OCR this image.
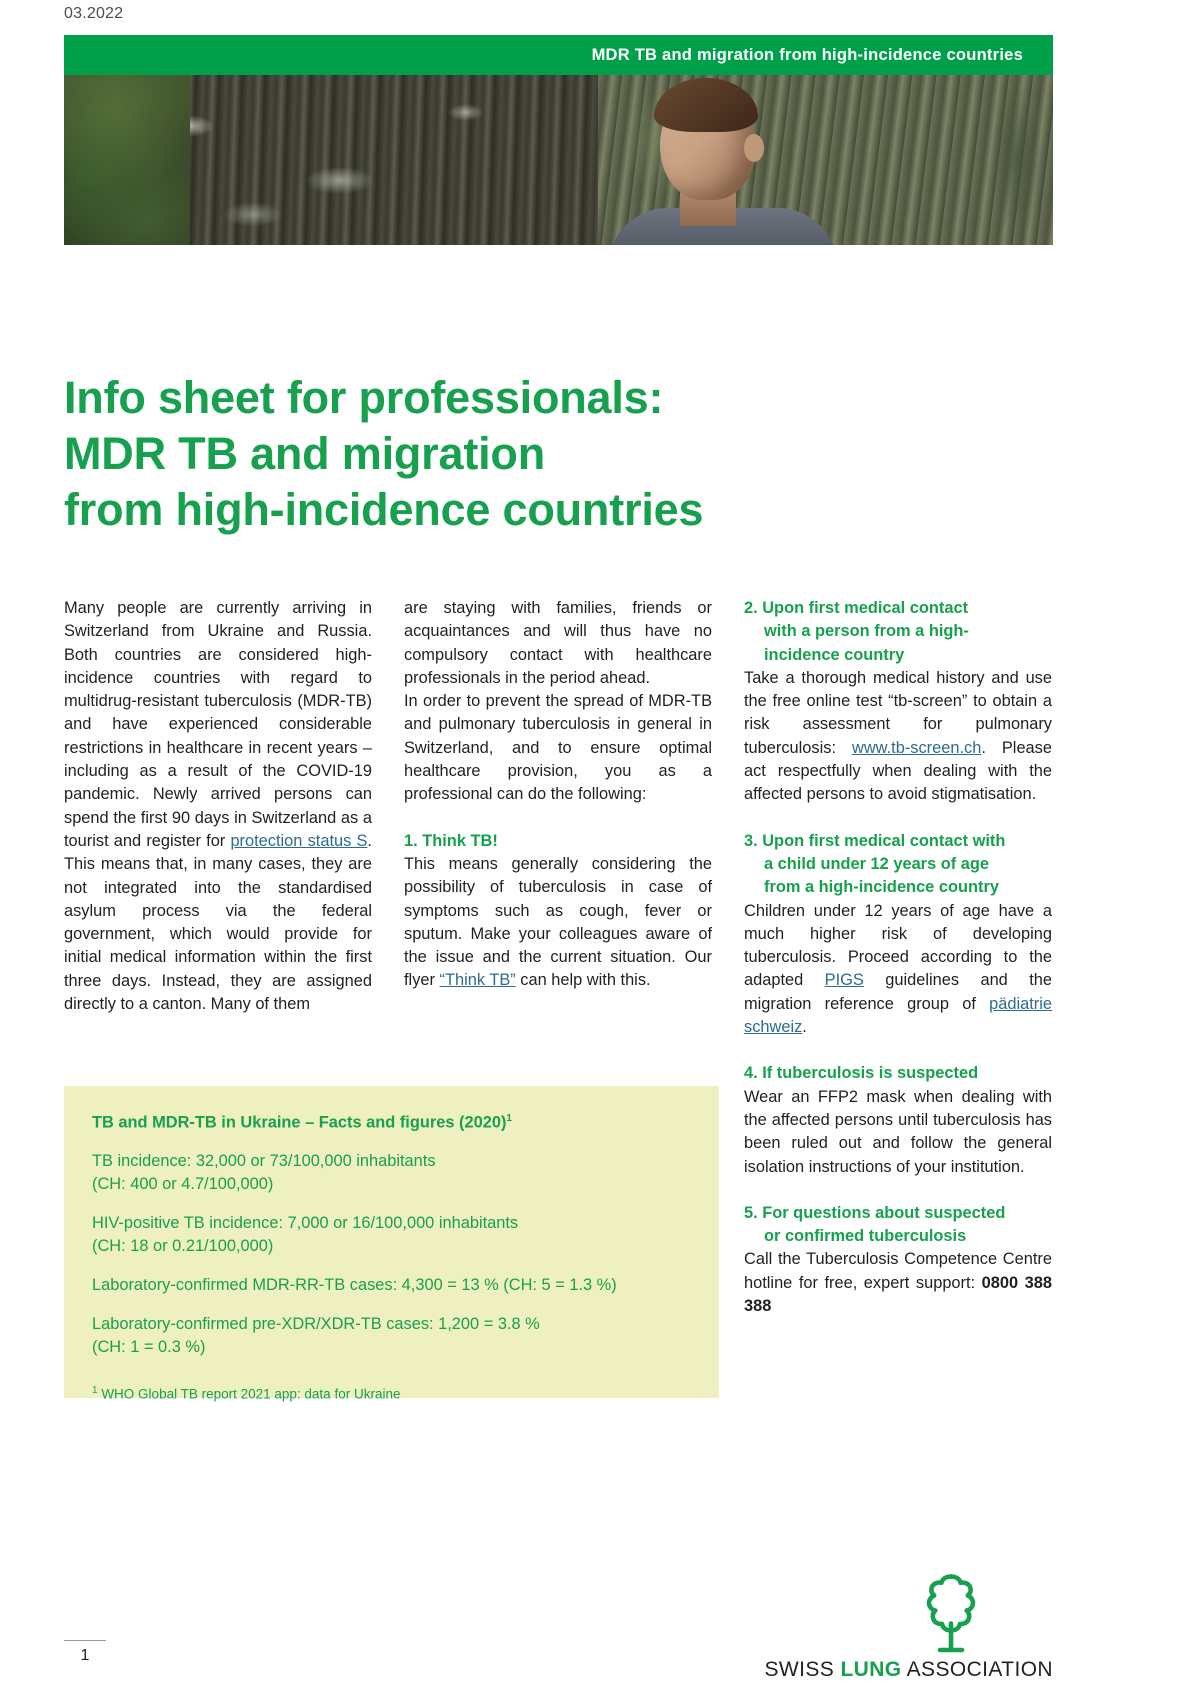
03.2022
MDR TB and migration from high-incidence countries
Info sheet for professionals:
MDR TB and migration
from high-incidence countries

Many people are currently arriving in Switzerland from Ukraine and Russia. Both countries are considered high-incidence countries with regard to multidrug-resistant tuberculosis (MDR-TB) and have experienced considerable restrictions in healthcare in recent years – including as a result of the COVID-19 pandemic. Newly arrived persons can spend the first 90 days in Switzerland as a tourist and register for protection status S. This means that, in many cases, they are not integrated into the standardised asylum process via the federal government, which would provide for initial medical information within the first three days. Instead, they are assigned directly to a canton. Many of them

are staying with families, friends or acquaintances and will thus have no compulsory contact with healthcare professionals in the period ahead.

In order to prevent the spread of MDR-TB and pulmonary tuberculosis in general in Switzerland, and to ensure optimal healthcare provision, you as a professional can do the following:

1. Think TB!

This means generally considering the possibility of tuberculosis in case of symptoms such as cough, fever or sputum. Make your colleagues aware of the issue and the current situation. Our flyer “Think TB” can help with this.

2. Upon first medical contact
with a person from a high-
incidence country

Take a thorough medical history and use the free online test “tb-screen” to obtain a risk assessment for pulmonary tuberculosis: www.tb-screen.ch. Please act respectfully when dealing with the affected persons to avoid stigmatisation.

3. Upon first medical contact with
a child under 12 years of age
from a high-incidence country

Children under 12 years of age have a much higher risk of developing tuberculosis. Proceed according to the adapted PIGS guidelines and the migration reference group of pädiatrie schweiz.

4. If tuberculosis is suspected

Wear an FFP2 mask when dealing with the affected persons until tuberculosis has been ruled out and follow the general isolation instructions of your institution.

5. For questions about suspected
or confirmed tuberculosis

Call the Tuberculosis Competence Centre hotline for free, expert support: 0800 388 388

TB and MDR-TB in Ukraine – Facts and figures $(2020)^1$

TB incidence: 32,000 or 73/100,000 inhabitants
(CH: 400 or 4.7/100,000)

HIV-positive TB incidence: 7,000 or 16/100,000 inhabitants
(CH: 18 or 0.21/100,000)

Laboratory-confirmed MDR-RR-TB cases: 4,300 = 13 % (CH: 5 = 1.3 %)

Laboratory-confirmed pre-XDR/XDR-TB cases: 1,200 = 3.8 %
(CH: 1 = 0.3 %)

$^1$ WHO Global TB report 2021 app: data for Ukraine

1
SWISS LUNG ASSOCIATION
